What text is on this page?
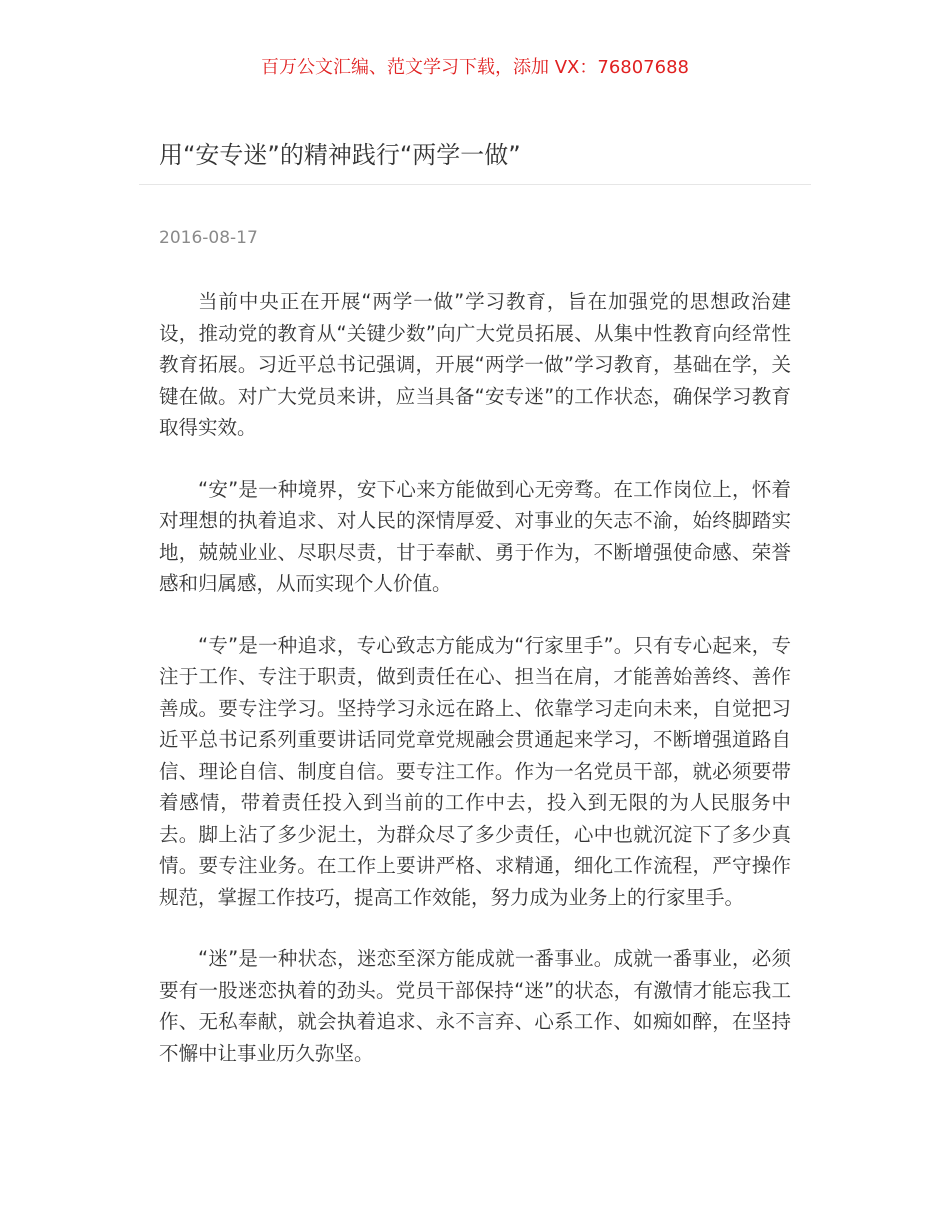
百万公文汇编、范文学习下载，添加 VX：76807688
用“安专迷”的精神践行“两学一做”
2016-08-17

当前中央正在开展“两学一做”学习教育，旨在加强党的思想政治建设，推动党的教育从“关键少数”向广大党员拓展、从集中性教育向经常性教育拓展。习近平总书记强调，开展“两学一做”学习教育，基础在学，关键在做。对广大党员来讲，应当具备“安专迷”的工作状态，确保学习教育取得实效。

“安”是一种境界，安下心来方能做到心无旁骛。在工作岗位上，怀着对理想的执着追求、对人民的深情厚爱、对事业的矢志不渝，始终脚踏实地，兢兢业业、尽职尽责，甘于奉献、勇于作为，不断增强使命感、荣誉感和归属感，从而实现个人价值。

“专”是一种追求，专心致志方能成为“行家里手”。只有专心起来，专注于工作、专注于职责，做到责任在心、担当在肩，才能善始善终、善作善成。要专注学习。坚持学习永远在路上、依靠学习走向未来，自觉把习近平总书记系列重要讲话同党章党规融会贯通起来学习，不断增强道路自信、理论自信、制度自信。要专注工作。作为一名党员干部，就必须要带着感情，带着责任投入到当前的工作中去，投入到无限的为人民服务中去。脚上沾了多少泥土，为群众尽了多少责任，心中也就沉淀下了多少真情。要专注业务。在工作上要讲严格、求精通，细化工作流程，严守操作规范，掌握工作技巧，提高工作效能，努力成为业务上的行家里手。

“迷”是一种状态，迷恋至深方能成就一番事业。成就一番事业，必须要有一股迷恋执着的劲头。党员干部保持“迷”的状态，有激情才能忘我工作、无私奉献，就会执着追求、永不言弃、心系工作、如痴如醉，在坚持不懈中让事业历久弥坚。
